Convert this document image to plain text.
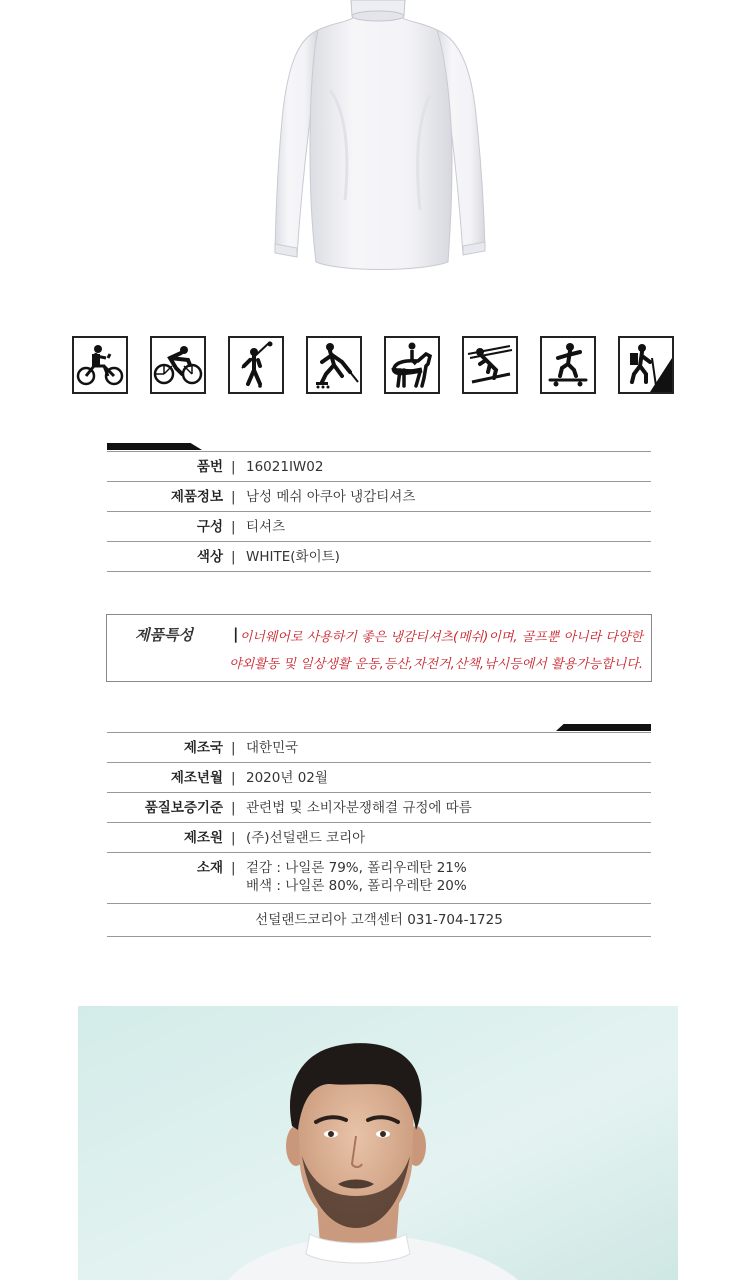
품번 | 16021IW02
제품정보 | 남성 메쉬 아쿠아 냉감티셔츠
구성 | 티셔츠
색상 | WHITE(화이트)
제품특성	| 이너웨어로 사용하기 좋은 냉감티셔츠(메쉬)이며, 골프뿐 아니라 다양한
야외활동 및 일상생활 운동,등산,자전거,산책,낚시등에서 활용가능합니다.
제조국 | 대한민국
제조년월 | 2020년 02월
품질보증기준 | 관련법 및 소비자분쟁해결 규정에 따름
제조원 | (주)선덜랜드 코리아
소재 | 겉감 : 나일론 79%, 폴리우레탄 21%
배색 : 나일론 80%, 폴리우레탄 20%
선덜랜드코리아 고객센터 031-704-1725
